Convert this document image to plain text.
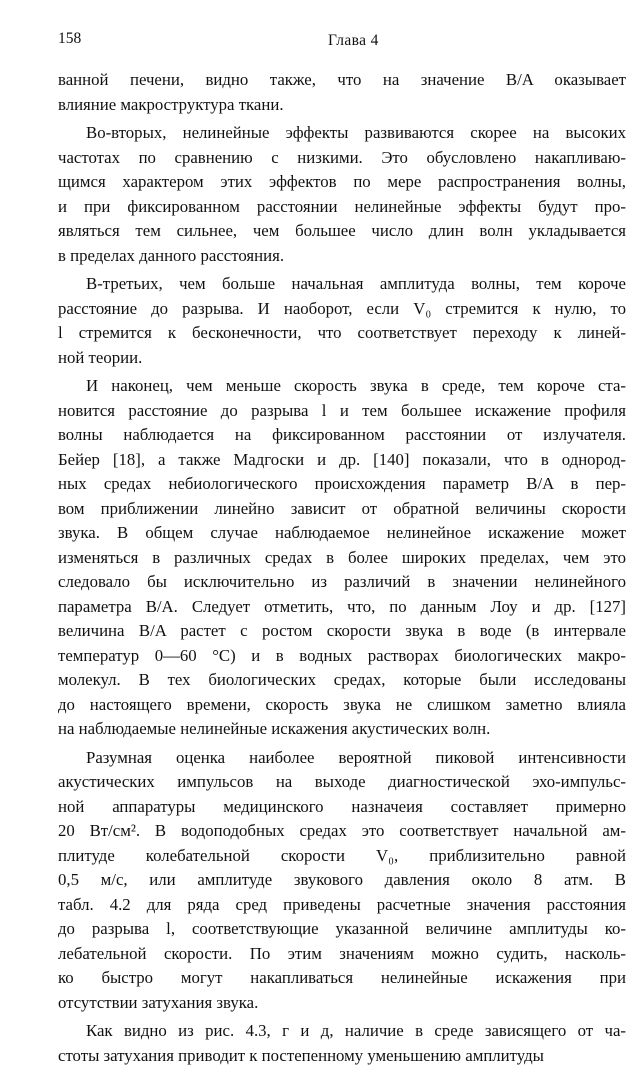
158	Глава 4
ванной печени, видно также, что на значение B/A оказывает
влияние макроструктура ткани.
Во-вторых, нелинейные эффекты развиваются скорее на высоких
частотах по сравнению с низкими. Это обусловлено накапливаю-
щимся характером этих эффектов по мере распространения волны,
и при фиксированном расстоянии нелинейные эффекты будут про-
являться тем сильнее, чем большее число длин волн укладывается
в пределах данного расстояния.
В-третьих, чем больше начальная амплитуда волны, тем короче
расстояние до разрыва. И наоборот, если V₀ стремится к нулю, то
l стремится к бесконечности, что соответствует переходу к линей-
ной теории.
И наконец, чем меньше скорость звука в среде, тем короче ста-
новится расстояние до разрыва l и тем большее искажение профиля
волны наблюдается на фиксированном расстоянии от излучателя.
Бейер [18], а также Мадгоски и др. [140] показали, что в однород-
ных средах небиологического происхождения параметр B/A в пер-
вом приближении линейно зависит от обратной величины скорости
звука. В общем случае наблюдаемое нелинейное искажение может
изменяться в различных средах в более широких пределах, чем это
следовало бы исключительно из различий в значении нелинейного
параметра B/A. Следует отметить, что, по данным Лоу и др. [127]
величина B/A растет с ростом скорости звука в воде (в интервале
температур 0—60 °C) и в водных растворах биологических макро-
молекул. В тех биологических средах, которые были исследованы
до настоящего времени, скорость звука не слишком заметно влияла
на наблюдаемые нелинейные искажения акустических волн.
Разумная оценка наиболее вероятной пиковой интенсивности
акустических импульсов на выходе диагностической эхо-импульс-
ной аппаратуры медицинского назначеия составляет примерно
20 Вт/см². В водоподобных средах это соответствует начальной ам-
плитуде колебательной скорости V₀, приблизительно равной
0,5 м/с, или амплитуде звукового давления около 8 атм. В
табл. 4.2 для ряда сред приведены расчетные значения расстояния
до разрыва l, соответствующие указанной величине амплитуды ко-
лебательной скорости. По этим значениям можно судить, насколь-
ко быстро могут накапливаться нелинейные искажения при
отсутствии затухания звука.
Как видно из рис. 4.3, г и д, наличие в среде зависящего от ча-
стоты затухания приводит к постепенному уменьшению амплитуды
